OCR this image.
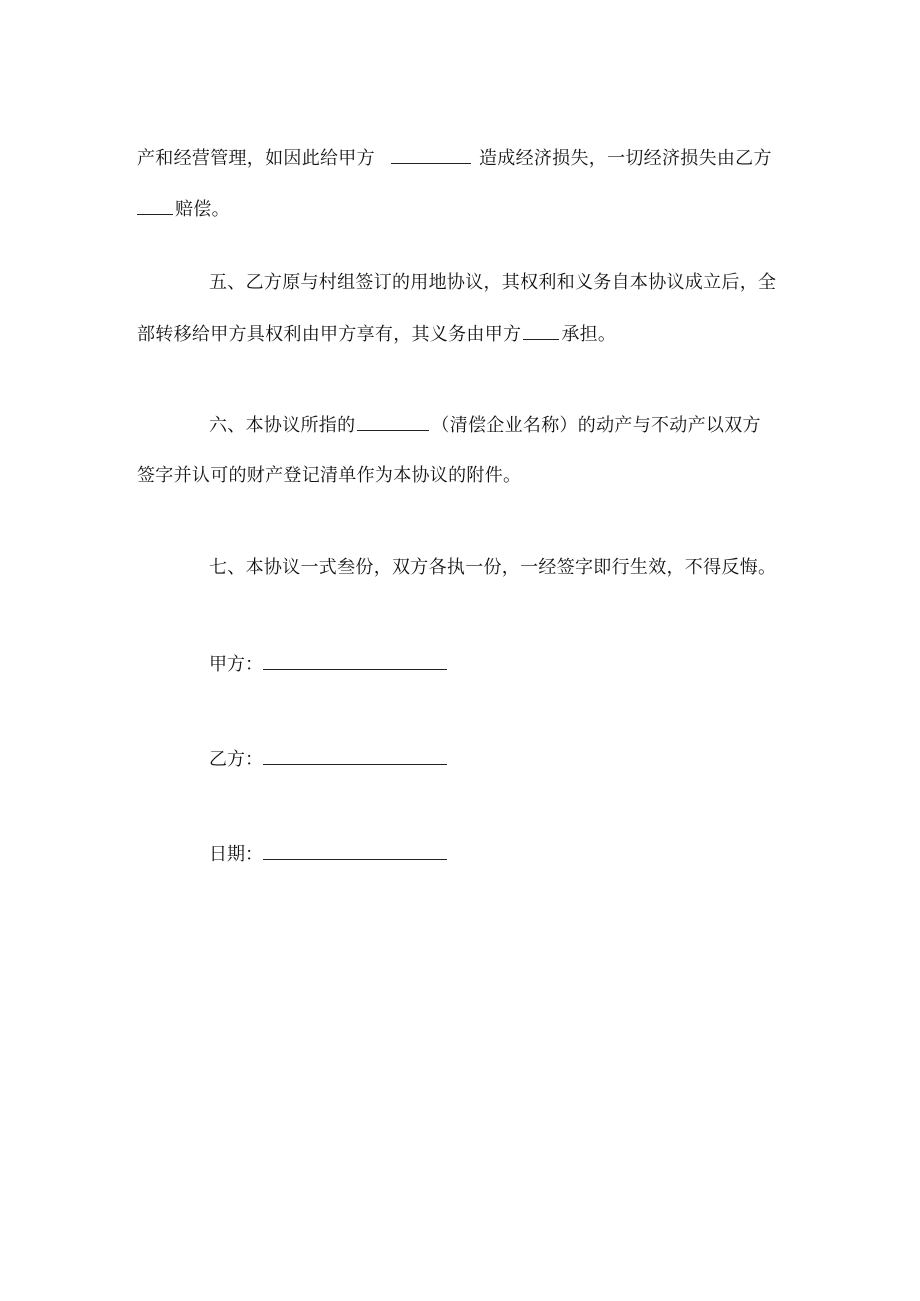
产和经营管理，如因此给甲方	造成经济损失，一切经济损失由乙方
赔偿。
五、乙方原与村组签订的用地协议，其权利和义务自本协议成立后，全
部转移给甲方具权利由甲方享有，其义务由甲方 承担。
六、本协议所指的	（清偿企业名称）的动产与不动产以双方
签字并认可的财产登记清单作为本协议的附件。
七、本协议一式叁份，双方各执一份，一经签字即行生效，不得反悔。
甲方：
乙方：
日期：
